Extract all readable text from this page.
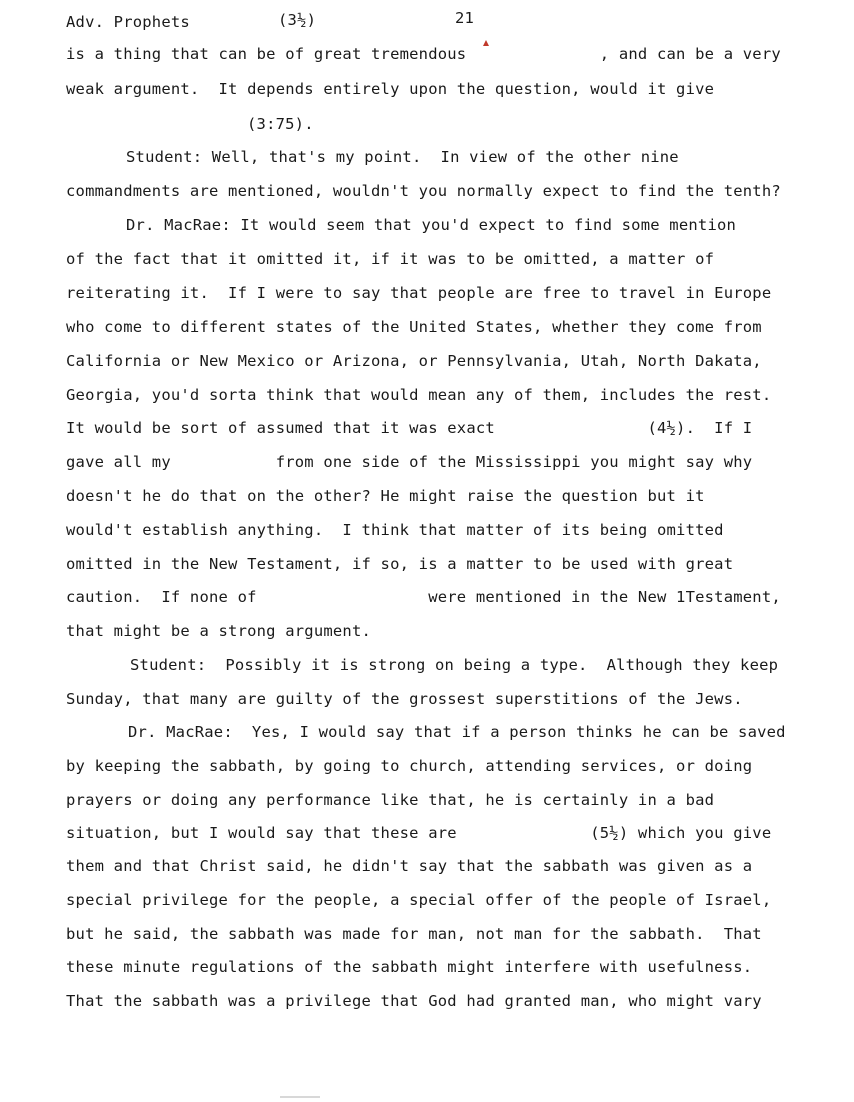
Adv. Prophets	(3½)	21
is a thing that can be of great tremendous              , and can be a very
weak argument.  It depends entirely upon the question, would it give
(3:75).
Student: Well, that's my point.  In view of the other nine
commandments are mentioned, wouldn't you normally expect to find the tenth?
Dr. MacRae: It would seem that you'd expect to find some mention
of the fact that it omitted it, if it was to be omitted, a matter of
reiterating it.  If I were to say that people are free to travel in Europe
who come to different states of the United States, whether they come from
California or New Mexico or Arizona, or Pennsylvania, Utah, North Dakata,
Georgia, you'd sorta think that would mean any of them, includes the rest.
It would be sort of assumed that it was exact                (4½).  If I
gave all my           from one side of the Mississippi you might say why
doesn't he do that on the other? He might raise the question but it
would't establish anything.  I think that matter of its being omitted
omitted in the New Testament, if so, is a matter to be used with great
caution.  If none of                  were mentioned in the New 1Testament,
that might be a strong argument.
Student:  Possibly it is strong on being a type.  Although they keep
Sunday, that many are guilty of the grossest superstitions of the Jews.
Dr. MacRae:  Yes, I would say that if a person thinks he can be saved
by keeping the sabbath, by going to church, attending services, or doing
prayers or doing any performance like that, he is certainly in a bad
situation, but I would say that these are              (5½) which you give
them and that Christ said, he didn't say that the sabbath was given as a
special privilege for the people, a special offer of the people of Israel,
but he said, the sabbath was made for man, not man for the sabbath.  That
these minute regulations of the sabbath might interfere with usefulness.
That the sabbath was a privilege that God had granted man, who might vary
